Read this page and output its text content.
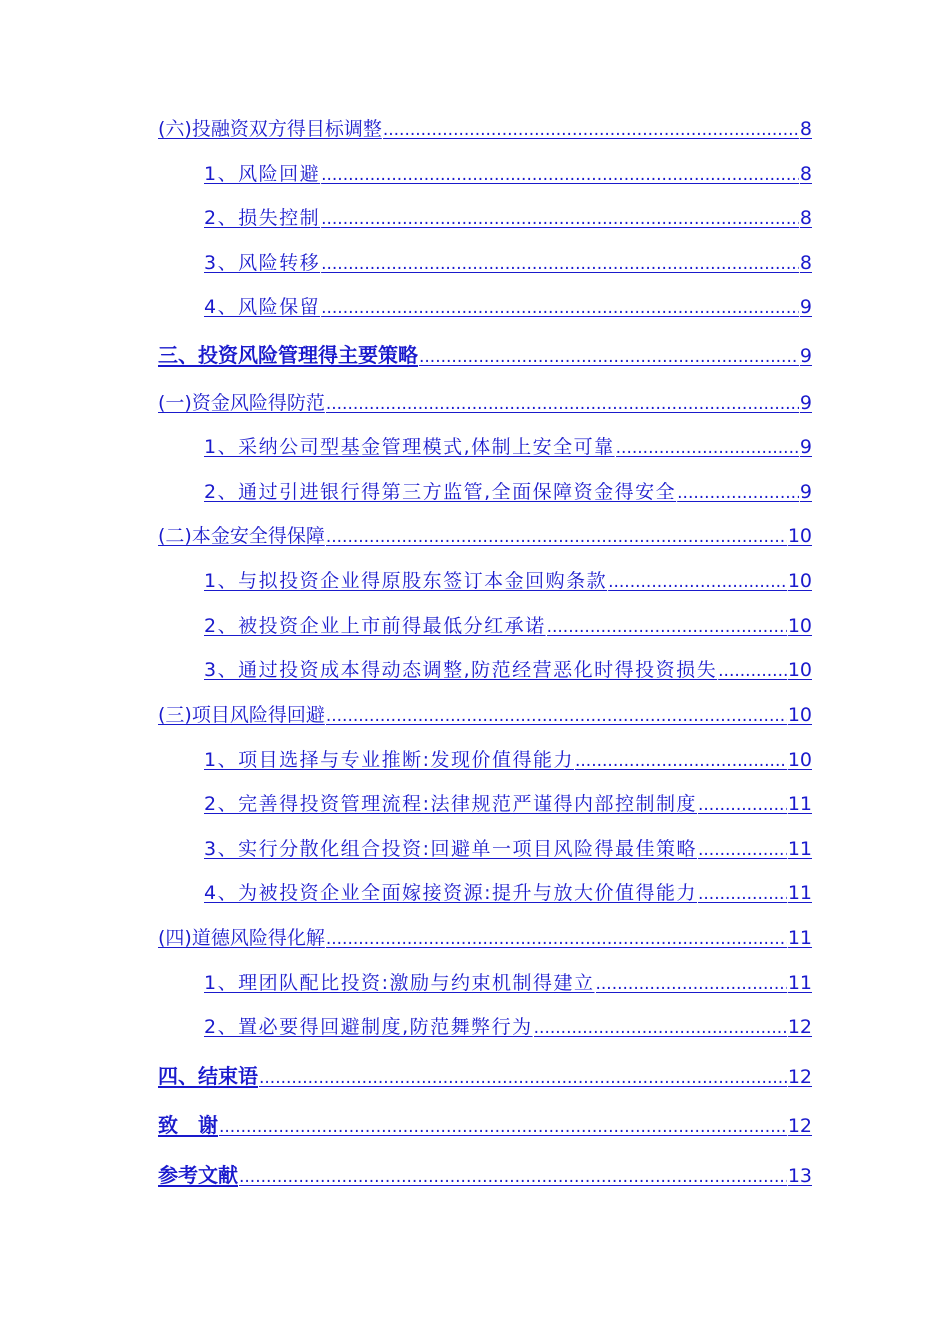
(六)投融资双方得目标调整 .....	8
1、风险回避 .....	8
2、损失控制 .....	8
3、风险转移 .....	8
4、风险保留 .....	9
三、投资风险管理得主要策略 .....	9
(一)资金风险得防范 .....	9
1、采纳公司型基金管理模式,体制上安全可靠 .....	9
2、通过引进银行得第三方监管,全面保障资金得安全 .....	9
(二)本金安全得保障 .....	10
1、与拟投资企业得原股东签订本金回购条款 .....	10
2、被投资企业上市前得最低分红承诺 .....	10
3、通过投资成本得动态调整,防范经营恶化时得投资损失 .....	10
(三)项目风险得回避 .....	10
1、项目选择与专业推断:发现价值得能力 .....	10
2、完善得投资管理流程:法律规范严谨得内部控制制度 .....	11
3、实行分散化组合投资:回避单一项目风险得最佳策略 .....	11
4、为被投资企业全面嫁接资源:提升与放大价值得能力 .....	11
(四)道德风险得化解 .....	11
1、理团队配比投资:激励与约束机制得建立 .....	11
2、置必要得回避制度,防范舞弊行为 .....	12
四、结束语 .....	12
致　谢 .....	12
参考文献 .....	13
